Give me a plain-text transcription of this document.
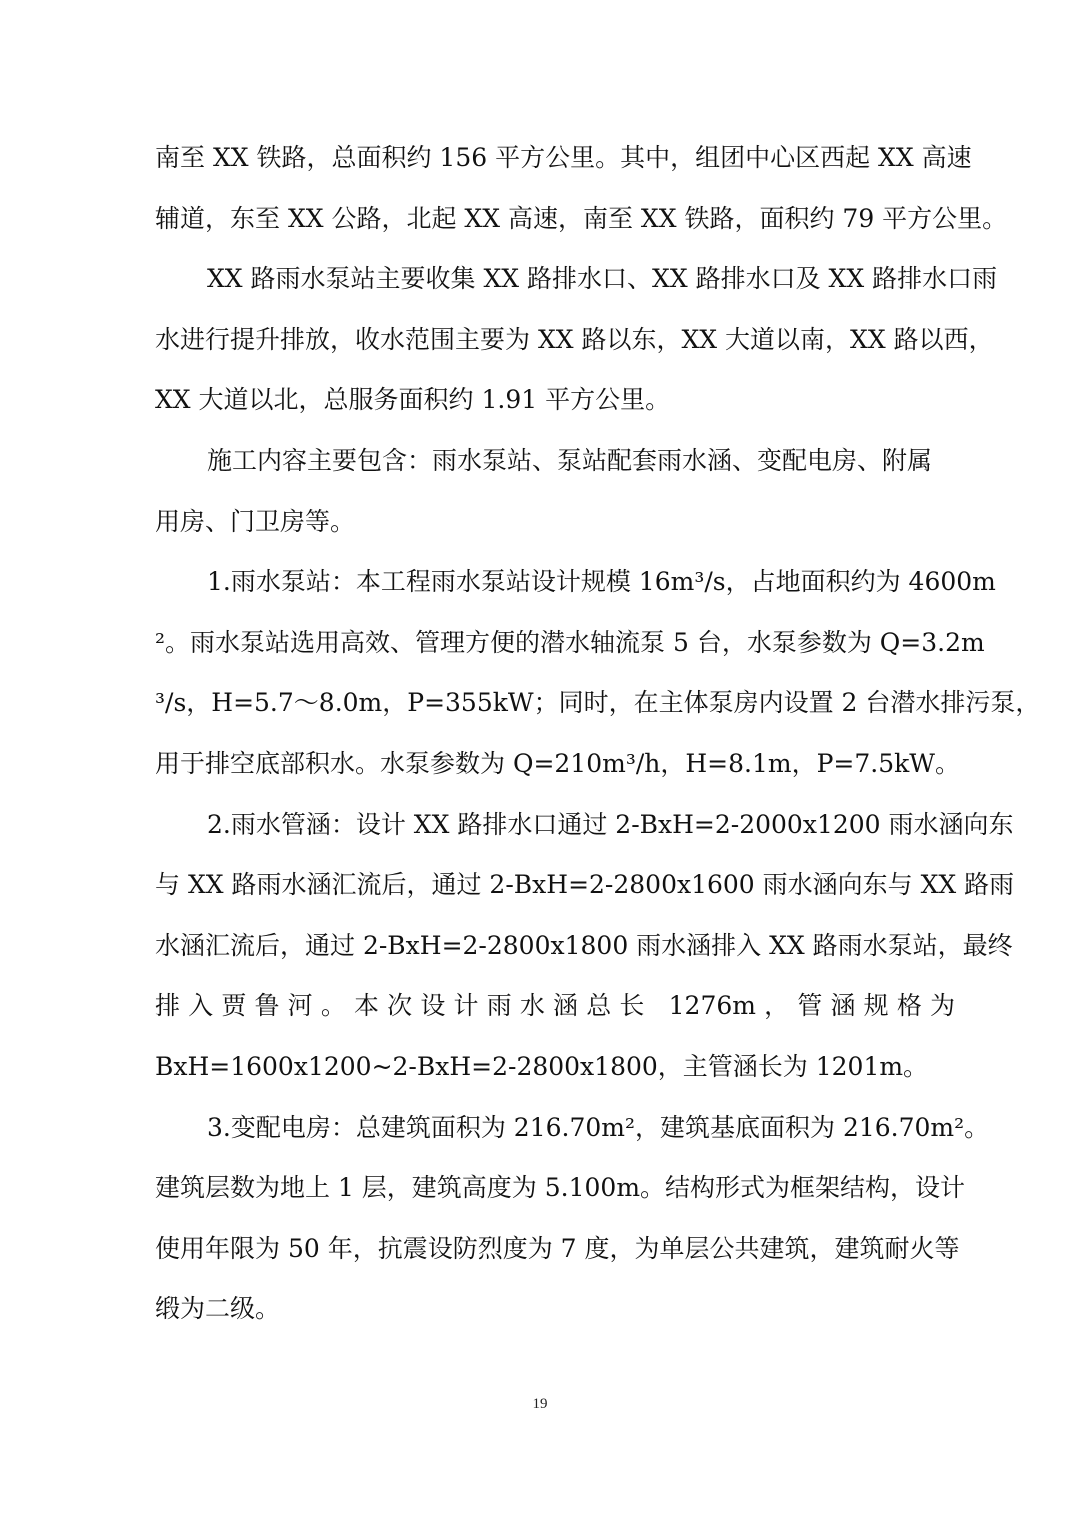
南至 XX 铁路，总面积约 156 平方公里。其中，组团中心区西起 XX 高速
辅道，东至 XX 公路，北起 XX 高速，南至 XX 铁路，面积约 79 平方公里。
XX 路雨水泵站主要收集 XX 路排水口、XX 路排水口及 XX 路排水口雨
水进行提升排放，收水范围主要为 XX 路以东，XX 大道以南，XX 路以西，
XX 大道以北，总服务面积约 1.91 平方公里。
施工内容主要包含：雨水泵站、泵站配套雨水涵、变配电房、附属
用房、门卫房等。
1.雨水泵站：本工程雨水泵站设计规模 16m³/s，占地面积约为 4600m
²。雨水泵站选用高效、管理方便的潜水轴流泵 5 台，水泵参数为 Q=3.2m
³/s，H=5.7～8.0m，P=355kW；同时，在主体泵房内设置 2 台潜水排污泵，
用于排空底部积水。水泵参数为 Q=210m³/h，H=8.1m，P=7.5kW。
2.雨水管涵：设计 XX 路排水口通过 2-BxH=2-2000x1200 雨水涵向东
与 XX 路雨水涵汇流后，通过 2-BxH=2-2800x1600 雨水涵向东与 XX 路雨
水涵汇流后，通过 2-BxH=2-2800x1800 雨水涵排入 XX 路雨水泵站，最终
排入贾鲁河。本次设计雨水涵总长 1276m，管涵规格为
BxH=1600x1200~2-BxH=2-2800x1800，主管涵长为 1201m。
3.变配电房：总建筑面积为 216.70m²，建筑基底面积为 216.70m²。
建筑层数为地上 1 层，建筑高度为 5.100m。结构形式为框架结构，设计
使用年限为 50 年，抗震设防烈度为 7 度，为单层公共建筑，建筑耐火等
缎为二级。
19
